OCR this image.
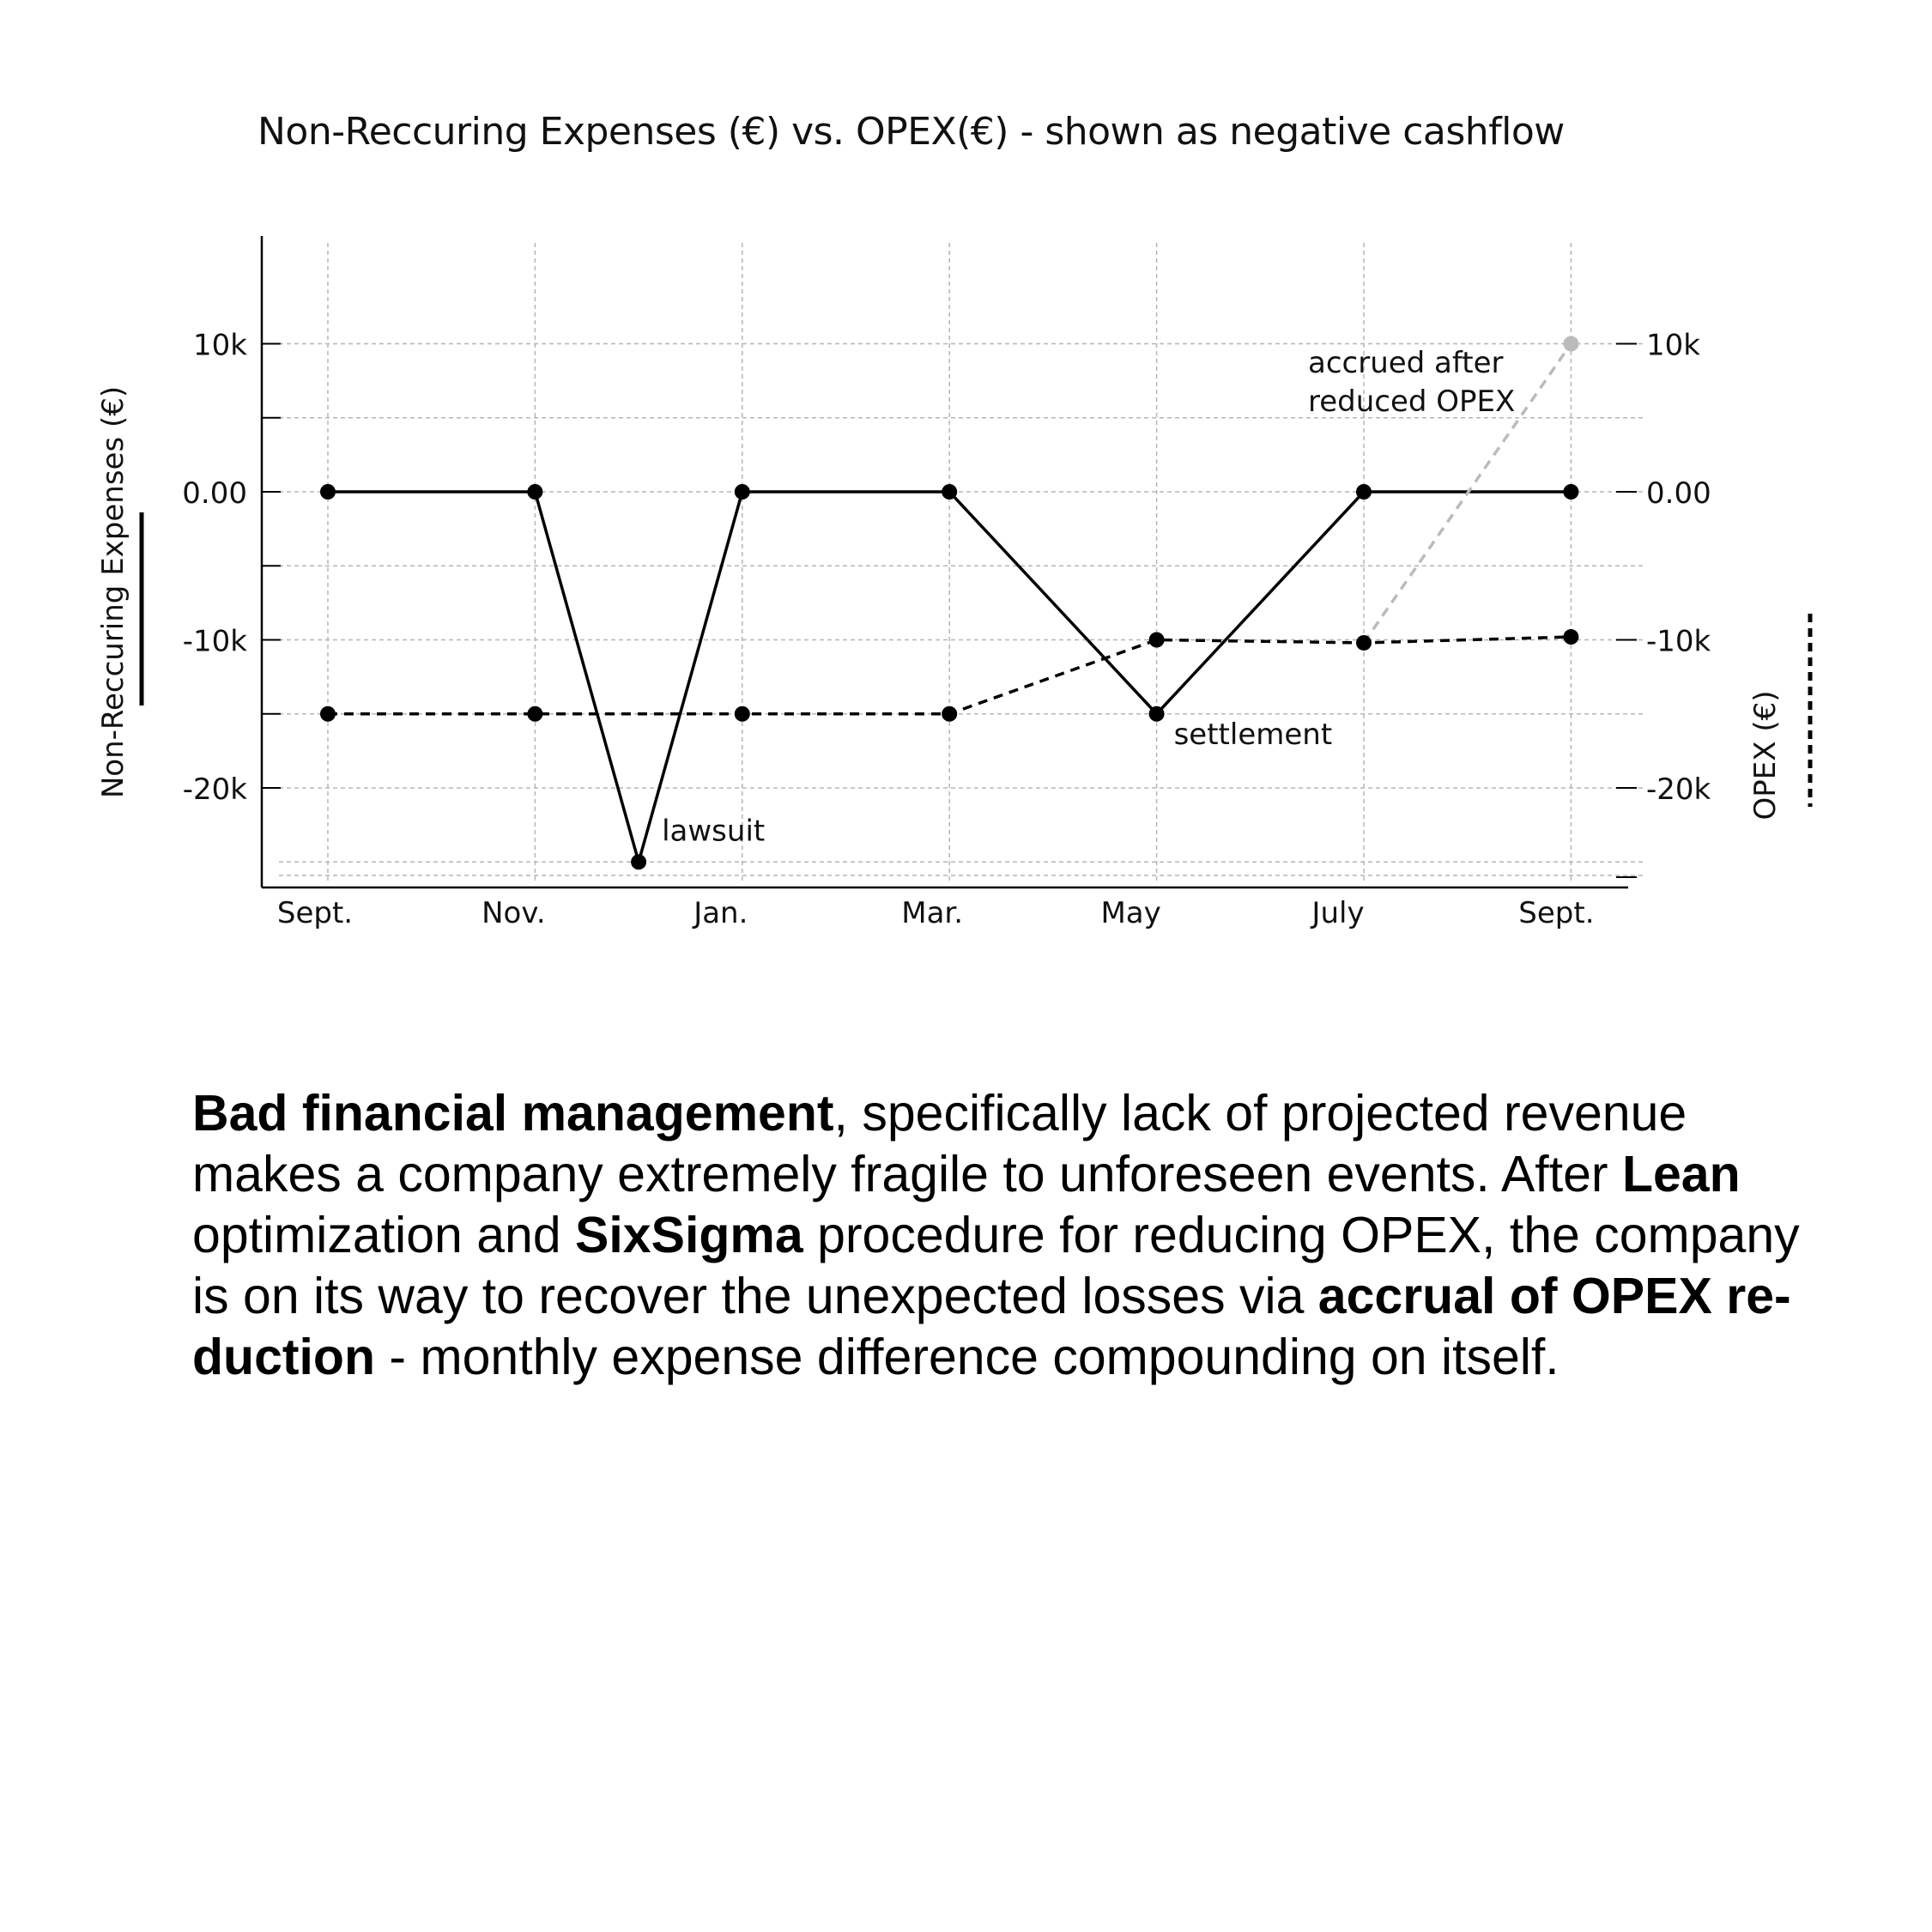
Non-Reccuring Expenses (€) vs. OPEX(€) - shown as negative cashflow
10k
0.00
-10k
-20k
10k
0.00
-10k
-20k
Sept.	Nov.	Jan.	Mar.	May	July	Sept.
lawsuit
settlement
accrued after
reduced OPEX
Non-Reccuring Expenses (€)	OPEX (€)
Bad financial management, specifically lack of projected revenue makes a company extremely fragile to unforeseen events. After Lean optimization and SixSigma procedure for reducing OPEX, the company is on its way to recover the unexpected losses via accrual of OPEX re-duction - monthly expense difference compounding on itself.
